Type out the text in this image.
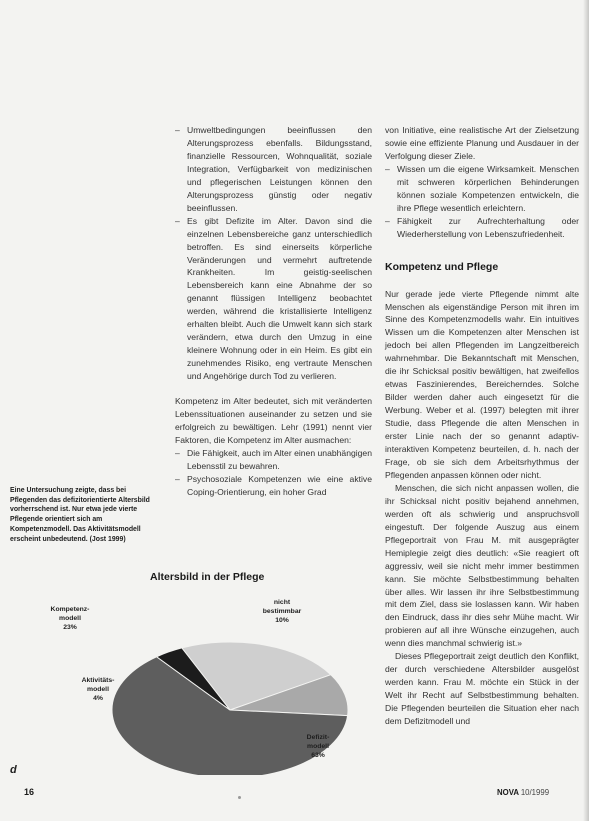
– Umweltbedingungen beeinflussen den Alterungsprozess ebenfalls. Bildungsstand, finanzielle Ressourcen, Wohnqualität, soziale Integration, Verfügbarkeit von medizinischen und pflegerischen Leistungen können den Alterungsprozess günstig oder negativ beeinflussen.
– Es gibt Defizite im Alter. Davon sind die einzelnen Lebensbereiche ganz unterschiedlich betroffen. Es sind einerseits körperliche Veränderungen und vermehrt auftretende Krankheiten. Im geistig-seelischen Lebensbereich kann eine Abnahme der so genannt flüssigen Intelligenz beobachtet werden, während die kristallisierte Intelligenz erhalten bleibt. Auch die Umwelt kann sich stark verändern, etwa durch den Umzug in eine kleinere Wohnung oder in ein Heim. Es gibt ein zunehmendes Risiko, eng vertraute Menschen und Angehörige durch Tod zu verlieren.

Kompetenz im Alter bedeutet, sich mit veränderten Lebenssituationen auseinander zu setzen und sie erfolgreich zu bewältigen. Lehr (1991) nennt vier Faktoren, die Kompetenz im Alter ausmachen:

– Die Fähigkeit, auch im Alter einen unabhängigen Lebensstil zu bewahren.
– Psychosoziale Kompetenzen wie eine aktive Coping-Orientierung, ein hoher Grad

von Initiative, eine realistische Art der Zielsetzung sowie eine effiziente Planung und Ausdauer in der Verfolgung dieser Ziele.

– Wissen um die eigene Wirksamkeit. Menschen mit schweren körperlichen Behinderungen können soziale Kompetenzen entwickeln, die ihre Pflege wesentlich erleichtern.
– Fähigkeit zur Aufrechterhaltung oder Wiederherstellung von Lebenszufriedenheit.
Kompetenz und Pflege

Nur gerade jede vierte Pflegende nimmt alte Menschen als eigenständige Person mit ihren im Sinne des Kompetenzmodells wahr. Ein intuitives Wissen um die Kompetenzen alter Menschen ist jedoch bei allen Pflegenden im Langzeitbereich wahrnehmbar. Die Bekanntschaft mit Menschen, die ihr Schicksal positiv bewältigen, hat zweifellos etwas Faszinierendes, Bereicherndes. Solche Bilder werden daher auch eingesetzt für die Werbung. Weber et al. (1997) belegten mit ihrer Studie, dass Pflegende die alten Menschen in erster Linie nach der so genannt adaptiv-interaktiven Kompetenz beurteilen, d. h. nach der Frage, ob sie sich dem Arbeitsrhythmus der Pflegenden anpassen können oder nicht.

Menschen, die sich nicht anpassen wollen, die ihr Schicksal nicht positiv bejahend annehmen, werden oft als schwierig und anspruchsvoll eingestuft. Der folgende Auszug aus einem Pflegeportrait von Frau M. mit ausgeprägter Hemiplegie zeigt dies deutlich: «Sie reagiert oft aggressiv, weil sie nicht mehr immer bestimmen kann. Sie möchte Selbstbestimmung behalten über alles. Wir lassen ihr ihre Selbstbestimmung mit dem Ziel, dass sie loslassen kann. Wir haben den Eindruck, dass ihr dies sehr Mühe macht. Wir probieren auf all ihre Wünsche einzugehen, auch wenn dies manchmal schwierig ist.»

Dieses Pflegeportrait zeigt deutlich den Konflikt, der durch verschiedene Altersbilder ausgelöst werden kann. Frau M. möchte ein Stück in der Welt ihr Recht auf Selbstbestimmung behalten. Die Pflegenden beurteilen die Situation eher nach dem Defizitmodell und

Eine Untersuchung zeigte, dass bei Pflegenden das defizitorientierte Altersbild vorherrschend ist. Nur etwa jede vierte Pflegende orientiert sich am Kompetenzmodell. Das Aktivitätsmodell erscheint unbedeutend. (Jost 1999)
Altersbild in der Pflege
d
16	NOVA 10/1999
Kompetenz-
modell
23%
nicht
bestimmbar
10%
Defizit-
modell
63%
Aktivitäts-
modell
4%
